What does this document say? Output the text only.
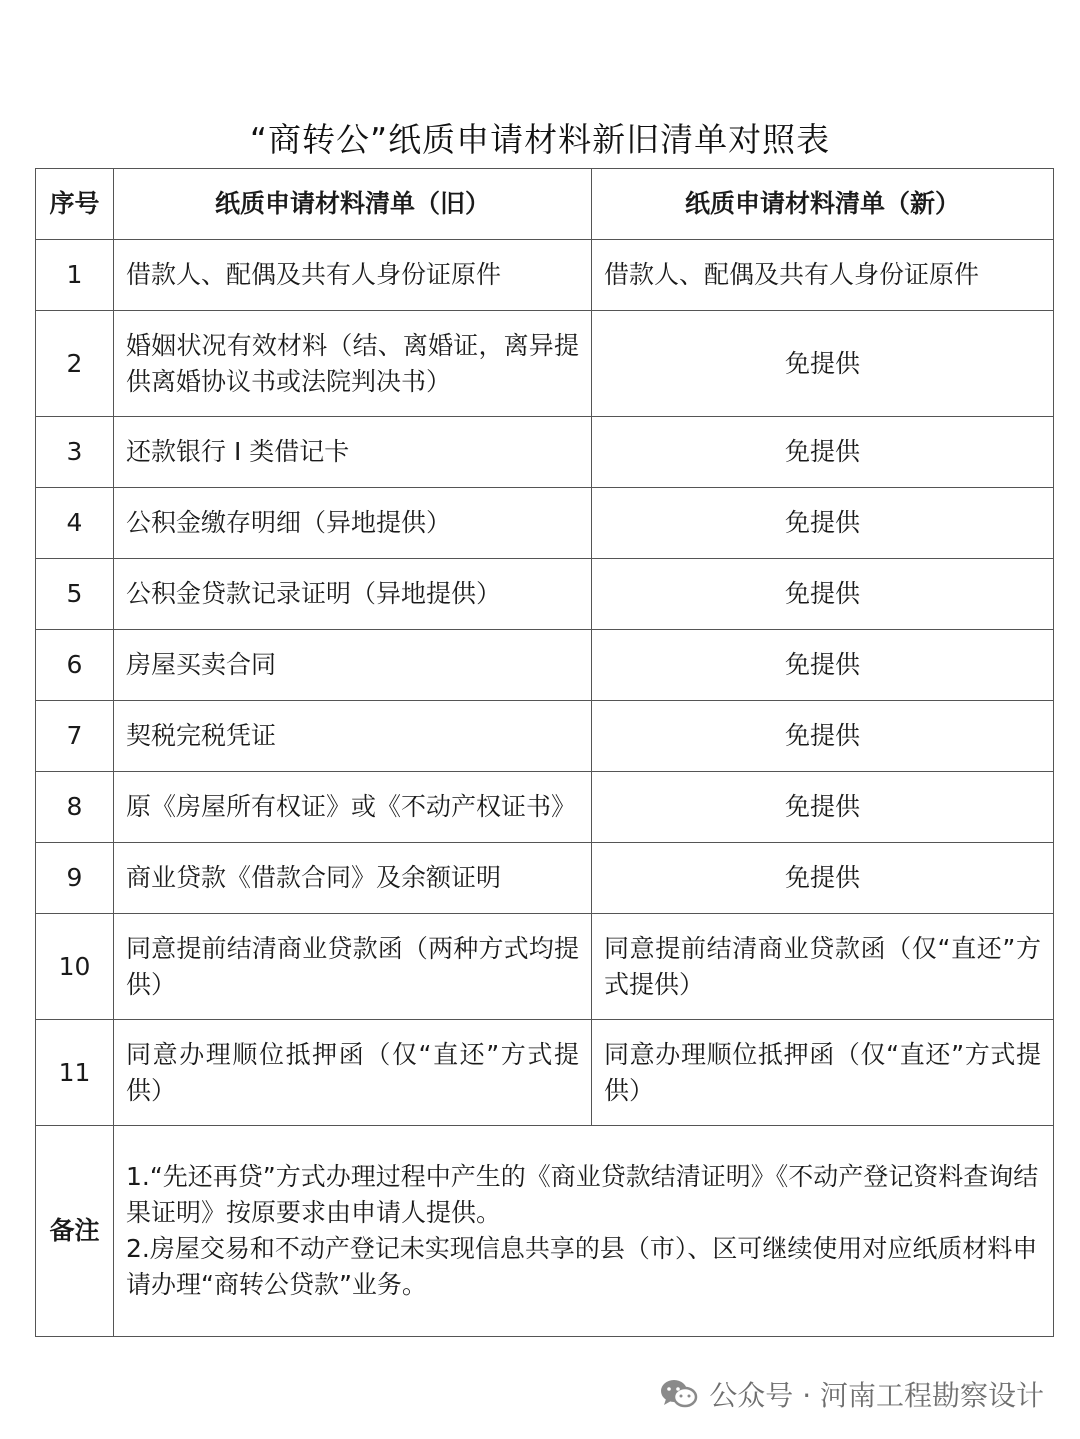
“商转公”纸质申请材料新旧清单对照表
序号	纸质申请材料清单（旧）	纸质申请材料清单（新）
1	借款人、配偶及共有人身份证原件	借款人、配偶及共有人身份证原件
2	婚姻状况有效材料（结、离婚证，离异提供离婚协议书或法院判决书）	免提供
3	还款银行 I 类借记卡	免提供
4	公积金缴存明细（异地提供）	免提供
5	公积金贷款记录证明（异地提供）	免提供
6	房屋买卖合同	免提供
7	契税完税凭证	免提供
8	原《房屋所有权证》或《不动产权证书》	免提供
9	商业贷款《借款合同》及余额证明	免提供
10	同意提前结清商业贷款函（两种方式均提供）	同意提前结清商业贷款函（仅“直还”方式提供）
11	同意办理顺位抵押函（仅“直还”方式提供）	同意办理顺位抵押函（仅“直还”方式提供）
备注	1.“先还再贷”方式办理过程中产生的《商业贷款结清证明》《不动产登记资料查询结果证明》按原要求由申请人提供。

2.房屋交易和不动产登记未实现信息共享的县（市）、区可继续使用对应纸质材料申请办理“商转公贷款”业务。	

公众号 · 河南工程勘察设计
